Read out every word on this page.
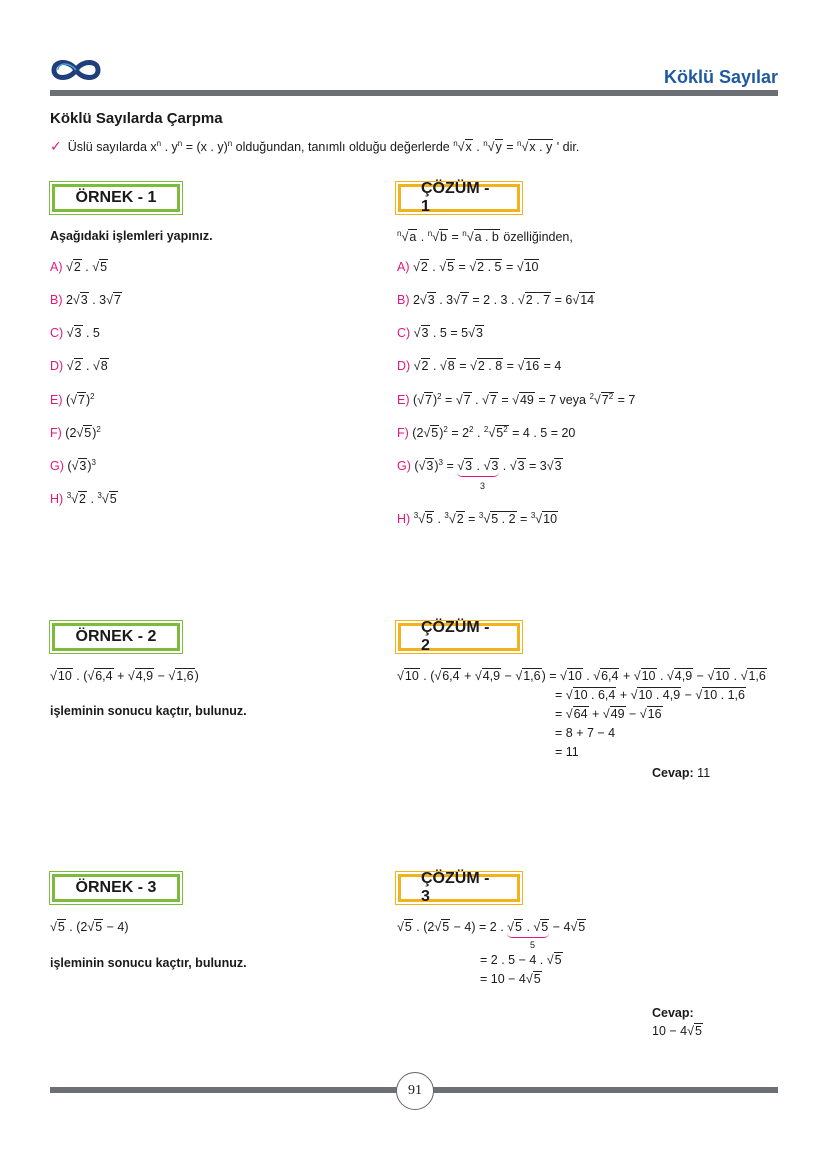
Köklü Sayılar
Köklü Sayılarda Çarpma
✓ Üslü sayılarda $x^n$ . $y^n = (x$ . y)$^n$ olduğundan, tanımlı olduğu değerlerde $^n$√x . $^n$√y = $^n$√x . y ' dir.
ÖRNEK - 1
Aşağıdaki işlemleri yapınız.
A) √2 . √5
B) 2√3 . 3√7
C) √3 . 5
D) √2 . √8
E) $(√7)^2$
F) $(2√5)^2$
G) $(√3)^3$
H) $^3$√2 . $^3$√5
ÇÖZÜM - 1
$^n$√a . $^n$√b = $^n$√a . b özelliğinden,
A) √2 . √5 = √2 . 5 = √10
B) 2√3 . 3√7 = 2 . 3 . √2 . 7 = 6√14
C) √3 . 5 = 5√3
D) √2 . √8 = √2 . 8 = √16 = 4
E) $(√7)^2 = √7$ . √7 = √49 = 7 veya $^2√7^2 = 7$
F) $(2√5)^2 = 2^2$ . $^2√5^2 = 4$ . 5 = 20
G) $(√3)^3 = √3$ . √3 . √3 = 3√3
3
H) $^3$√5 . $^3$√2 = $^3$√5 . 2 = $^3$√10
ÖRNEK - 2
√10 . (√6,4 + √4,9 − √1,6)
işleminin sonucu kaçtır, bulunuz.
ÇÖZÜM - 2
√10 . (√6,4 + √4,9 − √1,6) = √10 . √6,4 + √10 . √4,9 − √10 . √1,6
= √10 . 6,4 + √10 . 4,9 − √10 . 1,6
= √64 + √49 − √16
= 8 + 7 − 4
= 11
Cevap: 11
ÖRNEK - 3
√5 . (2√5 − 4)
işleminin sonucu kaçtır, bulunuz.
ÇÖZÜM - 3
√5 . (2√5 − 4) = 2 . √5 . √5 − 4√5
5
= 2 . 5 − 4 . √5
= 10 − 4√5
Cevap:
10 − 4√5
91
